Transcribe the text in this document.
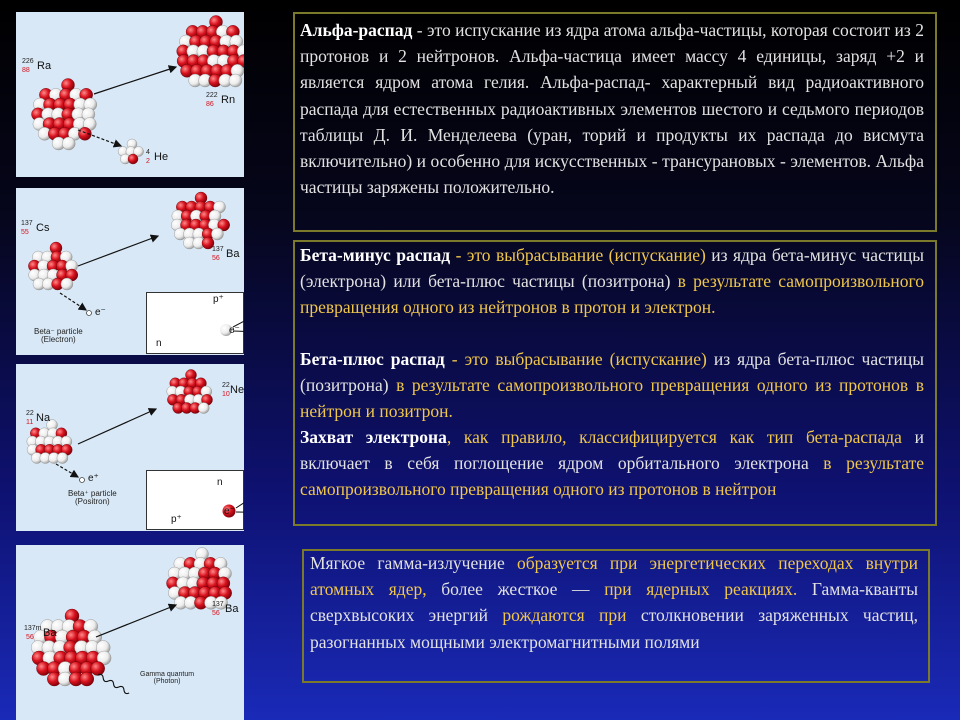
226
88 Ra
222
86 Rn
4
2 He
137
55 Cs
137
56 Ba
e⁻
Beta⁻ particle
(Electron)
p⁺
n
e⁻
22
11 Na
22
10 Ne
e⁺
Beta⁺ particle
(Positron)
n
p⁺
e⁻
137m
56 Ba
137
56 Ba
Gamma quantum
(Photon)

Альфа-распад - это испускание из ядра атома альфа-частицы, которая состоит из 2 протонов и 2 нейтронов. Альфа-частица имеет массу 4 единицы, заряд +2 и является ядром атома гелия. Альфа-распад- характерный вид радиоактивного распада для естественных радиоактивных элементов шестого и седьмого периодов таблицы Д. И. Менделеева (уран, торий и продукты их распада до висмута включительно) и особенно для искусственных - трансурановых - элементов. Альфа частицы заряжены положительно.

Бета-минус распад - это выбрасывание (испускание) из ядра бета-минус частицы (электрона) или бета-плюс частицы (позитрона) в результате самопроизвольного превращения одного из нейтронов в протон и электрон.

Бета-плюс распад - это выбрасывание (испускание) из ядра бета-плюс частицы (позитрона) в результате самопроизвольного превращения одного из протонов в нейтрон и позитрон.

Захват электрона, как правило, классифицируется как тип бета-распада и включает в себя поглощение ядром орбитального электрона в результате самопроизвольного превращения одного из протонов в нейтрон

Мягкое гамма-излучение образуется при энергетических переходах внутри атомных ядер, более жесткое — при ядерных реакциях. Гамма-кванты сверхвысоких энергий рождаются при столкновении заряженных частиц, разогнанных мощными электромагнитными полями
